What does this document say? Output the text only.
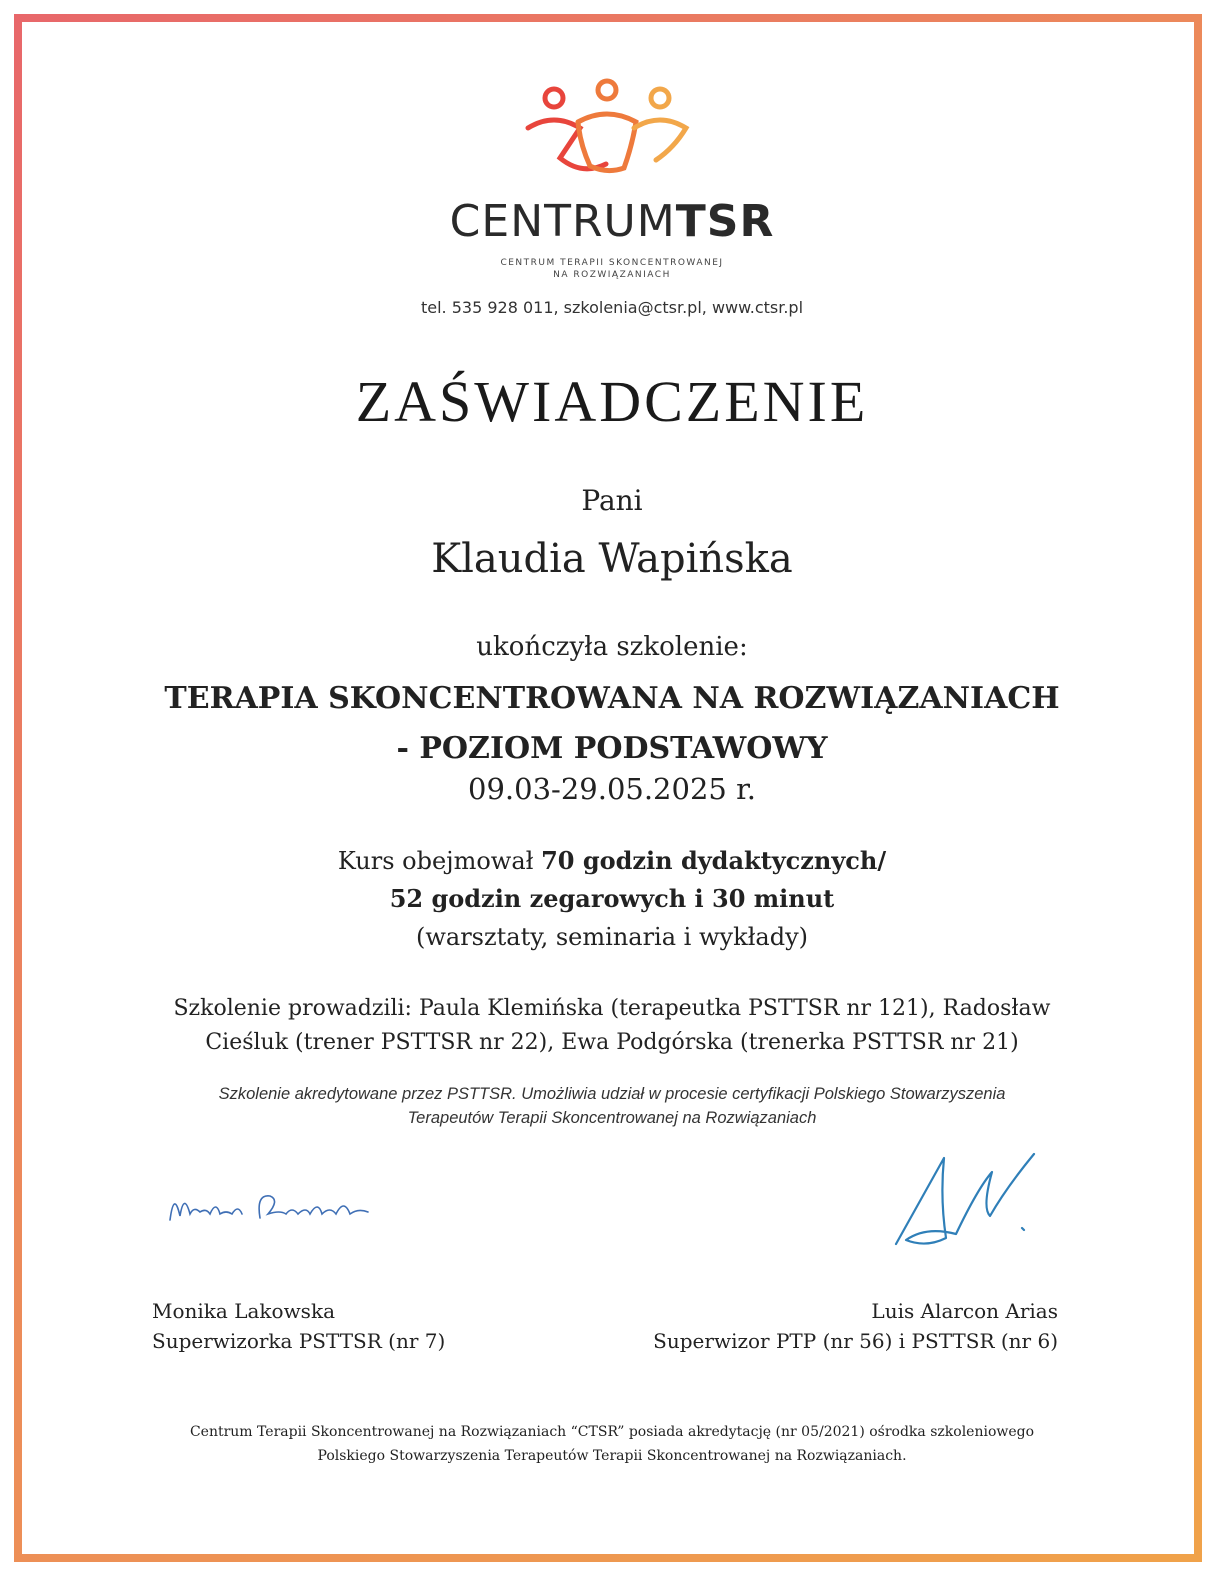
CENTRUMTSR
CENTRUM TERAPII SKONCENTROWANEJ
NA ROZWIĄZANIACH
tel. 535 928 011, szkolenia@ctsr.pl, www.ctsr.pl
ZAŚWIADCZENIE
Pani
Klaudia Wapińska
ukończyła szkolenie:
TERAPIA SKONCENTROWANA NA ROZWIĄZANIACH
- POZIOM PODSTAWOWY
09.03-29.05.2025 r.
Kurs obejmował 70 godzin dydaktycznych/
52 godzin zegarowych i 30 minut
(warsztaty, seminaria i wykłady)
Szkolenie prowadzili: Paula Klemińska (terapeutka PSTTSR nr 121), Radosław
Cieśluk (trener PSTTSR nr 22), Ewa Podgórska (trenerka PSTTSR nr 21)
Szkolenie akredytowane przez PSTTSR. Umożliwia udział w procesie certyfikacji Polskiego Stowarzyszenia
Terapeutów Terapii Skoncentrowanej na Rozwiązaniach
Monika Lakowska
Superwizorka PSTTSR (nr 7)
Luis Alarcon Arias
Superwizor PTP (nr 56) i PSTTSR (nr 6)
Centrum Terapii Skoncentrowanej na Rozwiązaniach “CTSR” posiada akredytację (nr 05/2021) ośrodka szkoleniowego
Polskiego Stowarzyszenia Terapeutów Terapii Skoncentrowanej na Rozwiązaniach.
